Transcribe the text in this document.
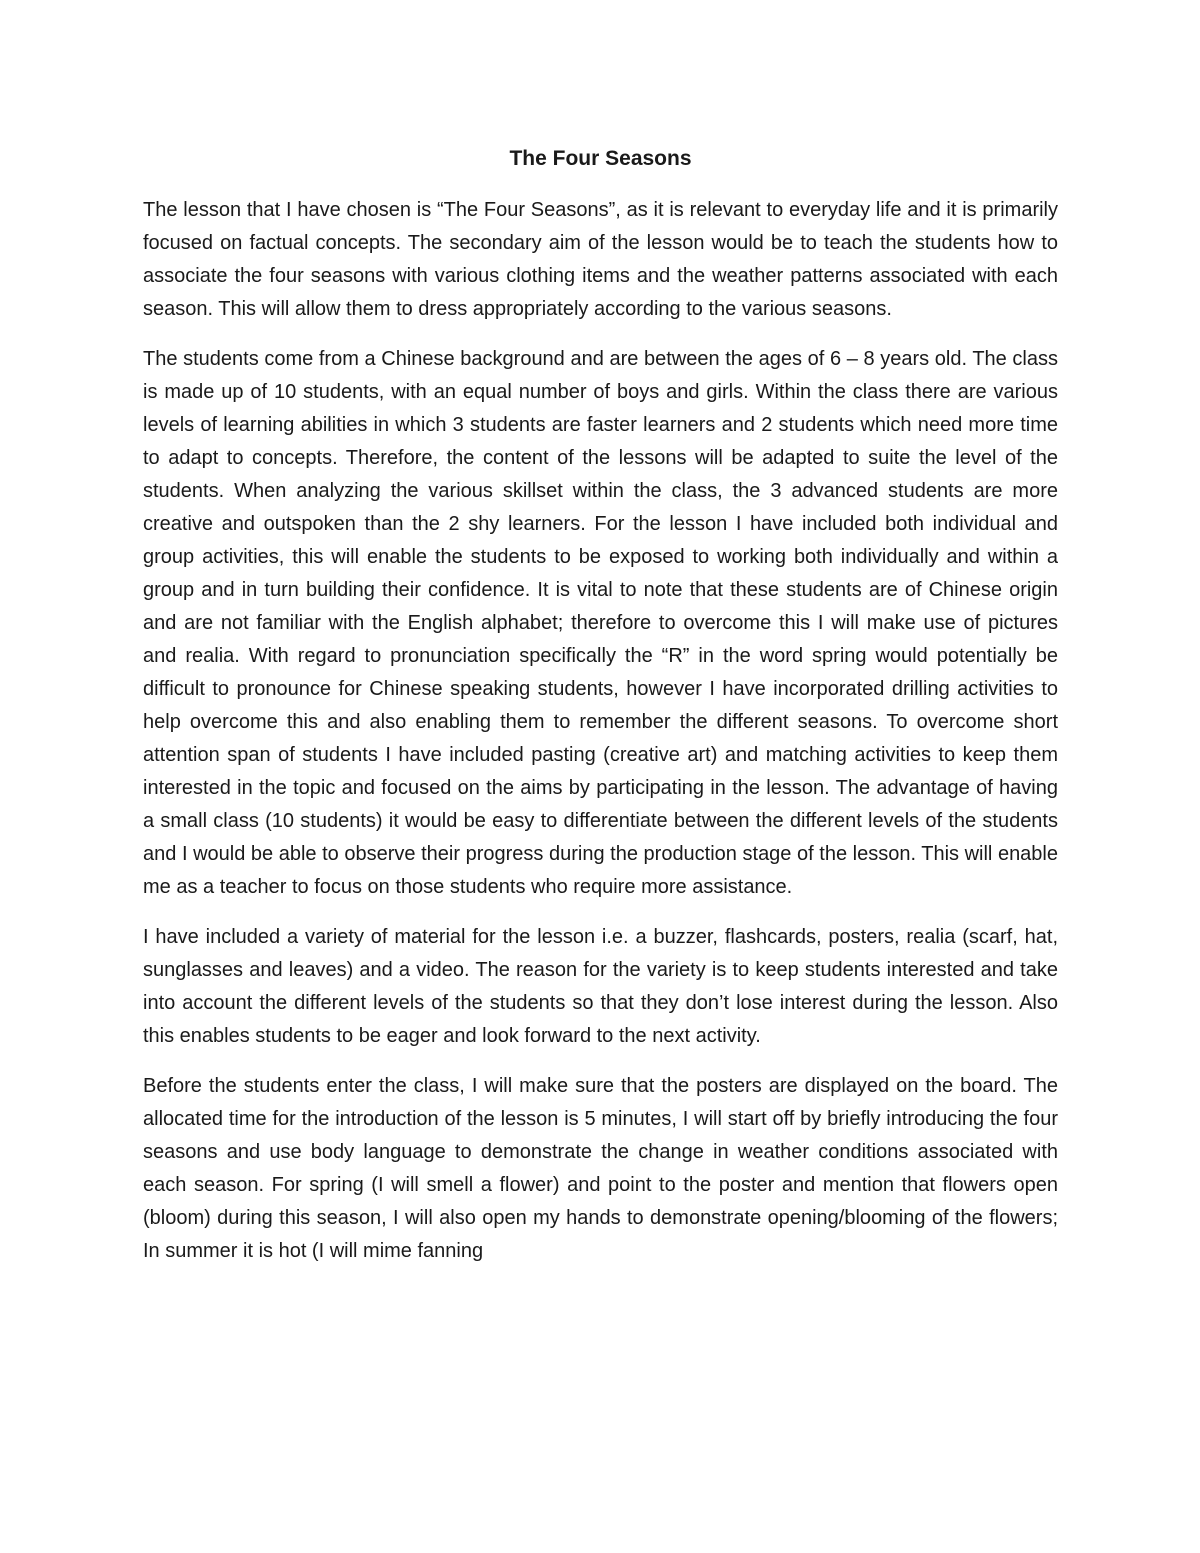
The Four Seasons

The lesson that I have chosen is “The Four Seasons”, as it is relevant to everyday life and it is primarily focused on factual concepts. The secondary aim of the lesson would be to teach the students how to associate the four seasons with various clothing items and the weather patterns associated with each season. This will allow them to dress appropriately according to the various seasons.

The students come from a Chinese background and are between the ages of 6 – 8 years old. The class is made up of 10 students, with an equal number of boys and girls. Within the class there are various levels of learning abilities in which 3 students are faster learners and 2 students which need more time to adapt to concepts. Therefore, the content of the lessons will be adapted to suite the level of the students. When analyzing the various skillset within the class, the 3 advanced students are more creative and outspoken than the 2 shy learners. For the lesson I have included both individual and group activities, this will enable the students to be exposed to working both individually and within a group and in turn building their confidence. It is vital to note that these students are of Chinese origin and are not familiar with the English alphabet; therefore to overcome this I will make use of pictures and realia. With regard to pronunciation specifically the “R” in the word spring would potentially be difficult to pronounce for Chinese speaking students, however I have incorporated drilling activities to help overcome this and also enabling them to remember the different seasons. To overcome short attention span of students I have included pasting (creative art) and matching activities to keep them interested in the topic and focused on the aims by participating in the lesson. The advantage of having a small class (10 students) it would be easy to differentiate between the different levels of the students and I would be able to observe their progress during the production stage of the lesson. This will enable me as a teacher to focus on those students who require more assistance.

I have included a variety of material for the lesson i.e. a buzzer, flashcards, posters, realia (scarf, hat, sunglasses and leaves) and a video. The reason for the variety is to keep students interested and take into account the different levels of the students so that they don’t lose interest during the lesson. Also this enables students to be eager and look forward to the next activity.

Before the students enter the class, I will make sure that the posters are displayed on the board. The allocated time for the introduction of the lesson is 5 minutes, I will start off by briefly introducing the four seasons and use body language to demonstrate the change in weather conditions associated with each season. For spring (I will smell a flower) and point to the poster and mention that flowers open (bloom) during this season, I will also open my hands to demonstrate opening/blooming of the flowers; In summer it is hot (I will mime fanning
